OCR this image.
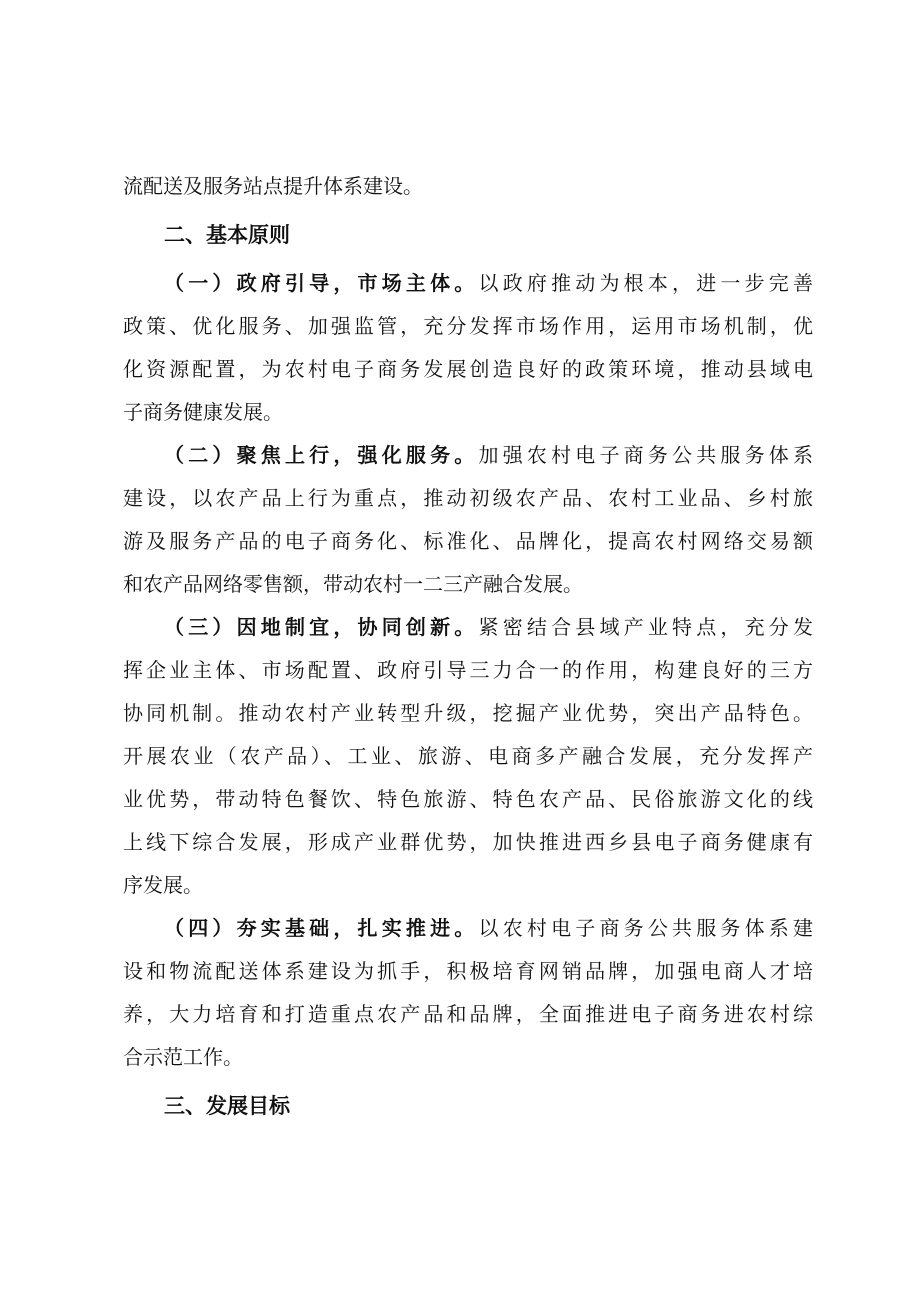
流配送及服务站点提升体系建设。
二、基本原则
（一）政府引导，市场主体。以政府推动为根本，进一步完善
政策、优化服务、加强监管，充分发挥市场作用，运用市场机制，优
化资源配置，为农村电子商务发展创造良好的政策环境，推动县域电
子商务健康发展。
（二）聚焦上行，强化服务。加强农村电子商务公共服务体系
建设，以农产品上行为重点，推动初级农产品、农村工业品、乡村旅
游及服务产品的电子商务化、标准化、品牌化，提高农村网络交易额
和农产品网络零售额，带动农村一二三产融合发展。
（三）因地制宜，协同创新。紧密结合县域产业特点，充分发
挥企业主体、市场配置、政府引导三力合一的作用，构建良好的三方
协同机制。推动农村产业转型升级，挖掘产业优势，突出产品特色。
开展农业（农产品）、工业、旅游、电商多产融合发展，充分发挥产
业优势，带动特色餐饮、特色旅游、特色农产品、民俗旅游文化的线
上线下综合发展，形成产业群优势，加快推进西乡县电子商务健康有
序发展。
（四）夯实基础，扎实推进。以农村电子商务公共服务体系建
设和物流配送体系建设为抓手，积极培育网销品牌，加强电商人才培
养，大力培育和打造重点农产品和品牌，全面推进电子商务进农村综
合示范工作。
三、发展目标
